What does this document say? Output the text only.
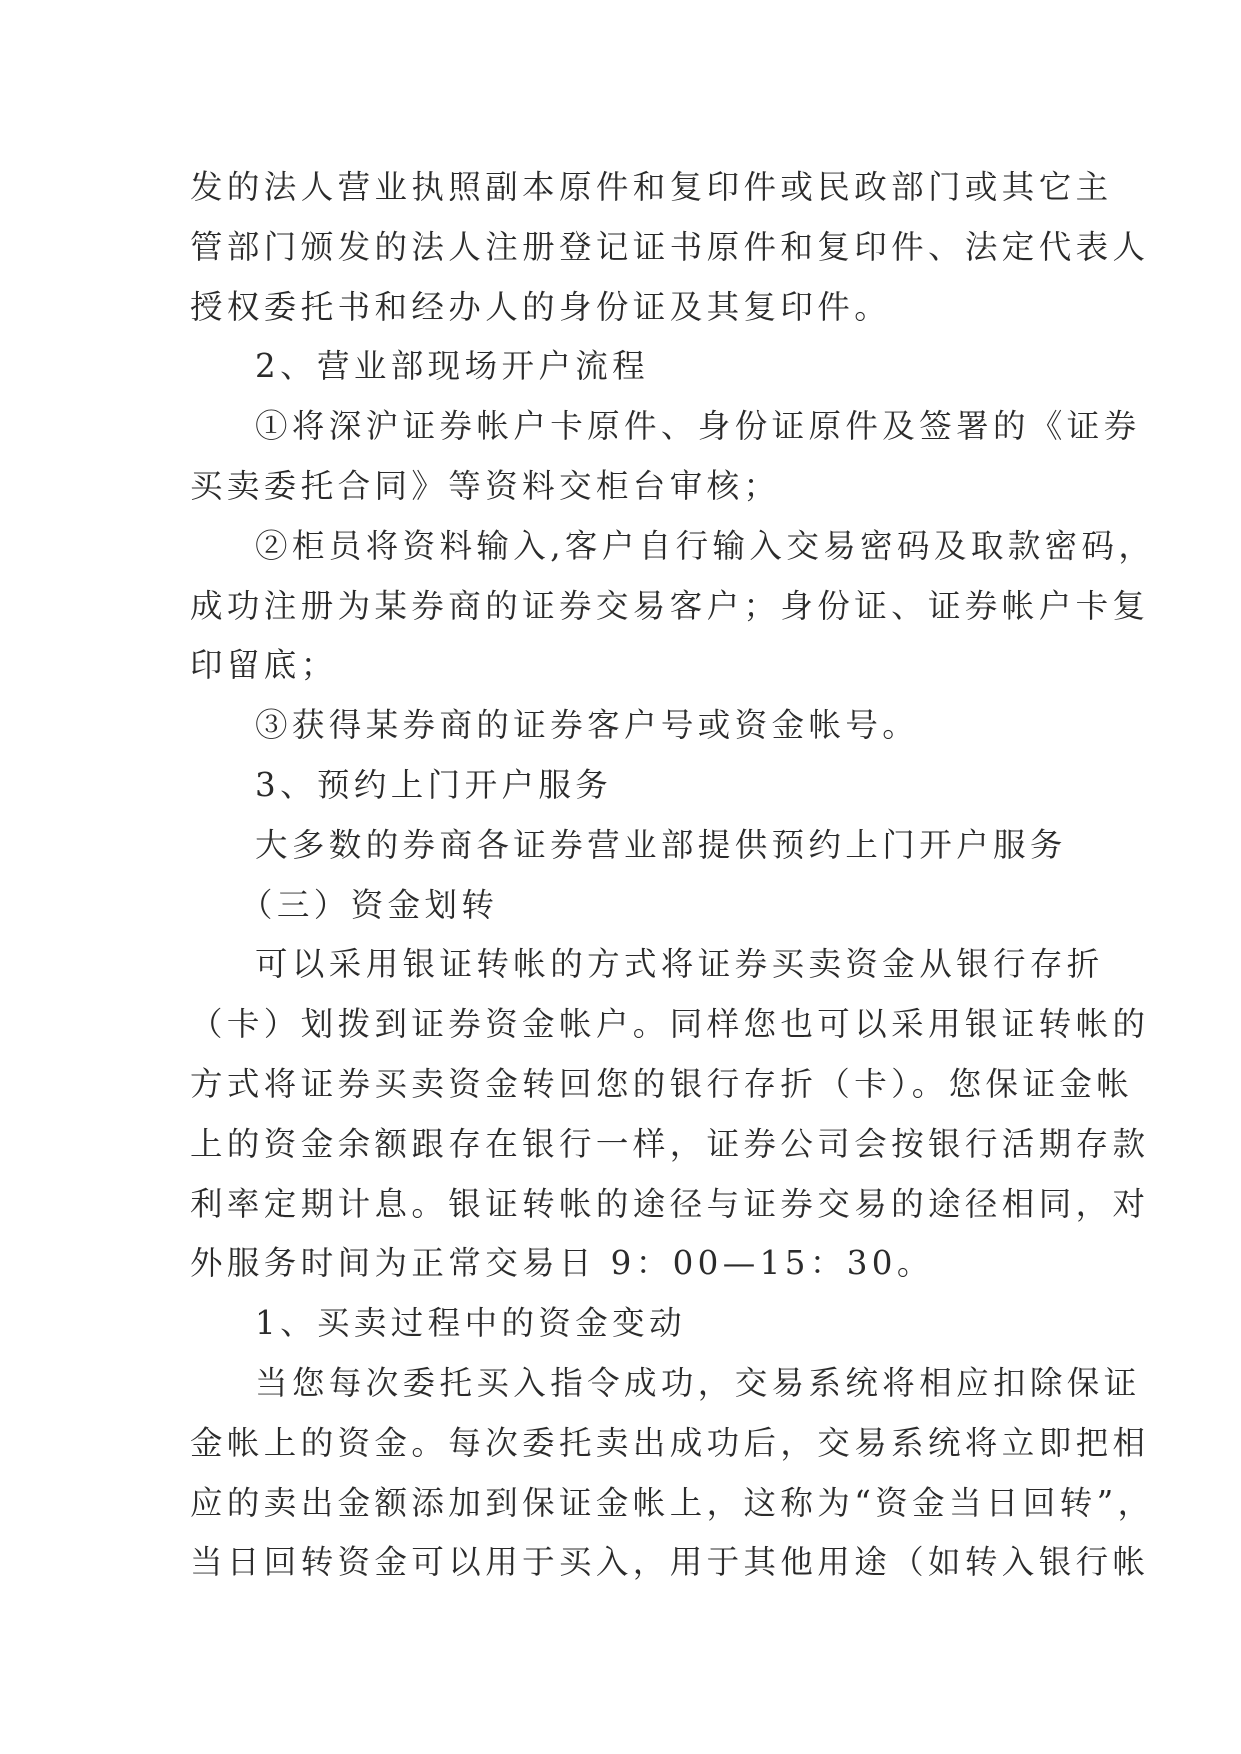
发的法人营业执照副本原件和复印件或民政部门或其它主
管部门颁发的法人注册登记证书原件和复印件、法定代表人
授权委托书和经办人的身份证及其复印件。
2、营业部现场开户流程
①将深沪证券帐户卡原件、身份证原件及签署的《证券
买卖委托合同》等资料交柜台审核；
②柜员将资料输入,客户自行输入交易密码及取款密码，
成功注册为某券商的证券交易客户；身份证、证券帐户卡复
印留底；
③获得某券商的证券客户号或资金帐号。
3、预约上门开户服务
大多数的券商各证券营业部提供预约上门开户服务
（三）资金划转
可以采用银证转帐的方式将证券买卖资金从银行存折
（卡）划拨到证券资金帐户。同样您也可以采用银证转帐的
方式将证券买卖资金转回您的银行存折（卡）。您保证金帐
上的资金余额跟存在银行一样，证券公司会按银行活期存款
利率定期计息。银证转帐的途径与证券交易的途径相同，对
外服务时间为正常交易日 9：00—15：30。
1、买卖过程中的资金变动
当您每次委托买入指令成功，交易系统将相应扣除保证
金帐上的资金。每次委托卖出成功后，交易系统将立即把相
应的卖出金额添加到保证金帐上，这称为“资金当日回转”，
当日回转资金可以用于买入，用于其他用途（如转入银行帐
